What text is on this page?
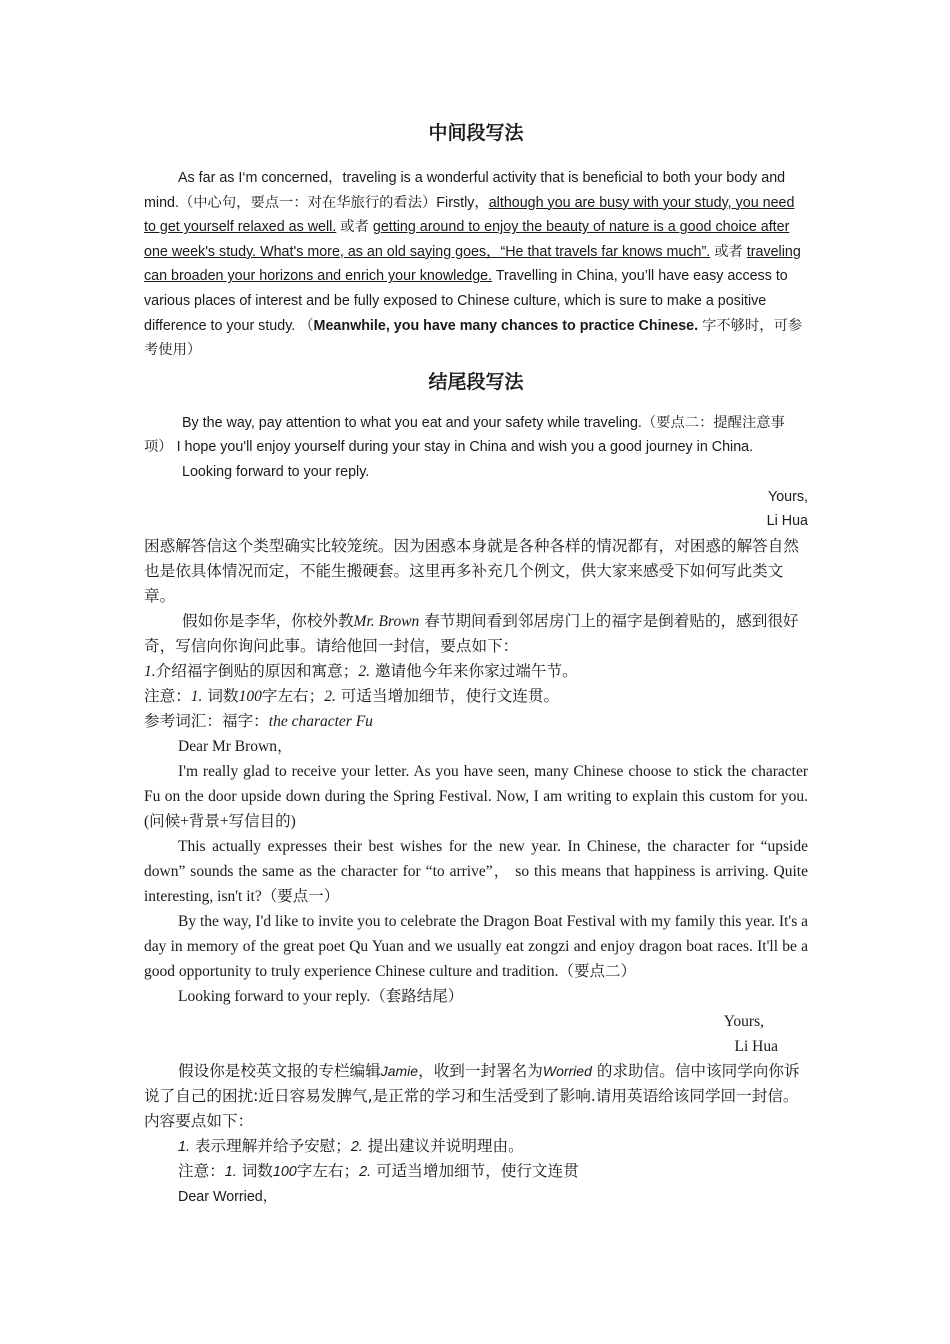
中间段写法

As far as I‘m concerned，traveling is a wonderful activity that is beneficial to both your body and mind.（中心句，要点一：对在华旅行的看法）Firstly，although you are busy with your study, you need to get yourself relaxed as well. 或者 getting around to enjoy the beauty of nature is a good choice after one week's study. What's more, as an old saying goes，“He that travels far knows much”. 或者 traveling can broaden your horizons and enrich your knowledge. Travelling in China, you’ll have easy access to various places of interest and be fully exposed to Chinese culture, which is sure to make a positive difference to your study. （Meanwhile, you have many chances to practice Chinese. 字不够时，可参考使用）

结尾段写法

By the way, pay attention to what you eat and your safety while traveling.（要点二：提醒注意事项） I hope you'll enjoy yourself during your stay in China and wish you a good journey in China.

Looking forward to your reply.

Yours,

Li Hua

困惑解答信这个类型确实比较笼统。因为困惑本身就是各种各样的情况都有，对困惑的解答自然也是依具体情况而定，不能生搬硬套。这里再多补充几个例文，供大家来感受下如何写此类文章。

假如你是李华，你校外教Mr. Brown 春节期间看到邻居房门上的福字是倒着贴的，感到很好奇，写信向你询问此事。请给他回一封信，要点如下：

1.介绍福字倒贴的原因和寓意；2. 邀请他今年来你家过端午节。

注意：1. 词数100字左右；2. 可适当增加细节，使行文连贯。

参考词汇：福字：the character Fu

Dear Mr Brown，

I'm really glad to receive your letter. As you have seen, many Chinese choose to stick the character Fu on the door upside down during the Spring Festival. Now, I am writing to explain this custom for you.(问候+背景+写信目的)

This actually expresses their best wishes for the new year. In Chinese, the character for “upside down” sounds the same as the character for “to arrive”， so this means that happiness is arriving. Quite interesting, isn't it?（要点一）

By the way, I'd like to invite you to celebrate the Dragon Boat Festival with my family this year. It's a day in memory of the great poet Qu Yuan and we usually eat zongzi and enjoy dragon boat races. It'll be a good opportunity to truly experience Chinese culture and tradition.（要点二）

Looking forward to your reply.（套路结尾）

Yours,

Li Hua

假设你是校英文报的专栏编辑Jamie，收到一封署名为Worried 的求助信。信中该同学向你诉说了自己的困扰:近日容易发脾气,是正常的学习和生活受到了影响.请用英语给该同学回一封信。内容要点如下：

1. 表示理解并给予安慰；2. 提出建议并说明理由。

注意：1. 词数100字左右；2. 可适当增加细节，使行文连贯

Dear Worried，
